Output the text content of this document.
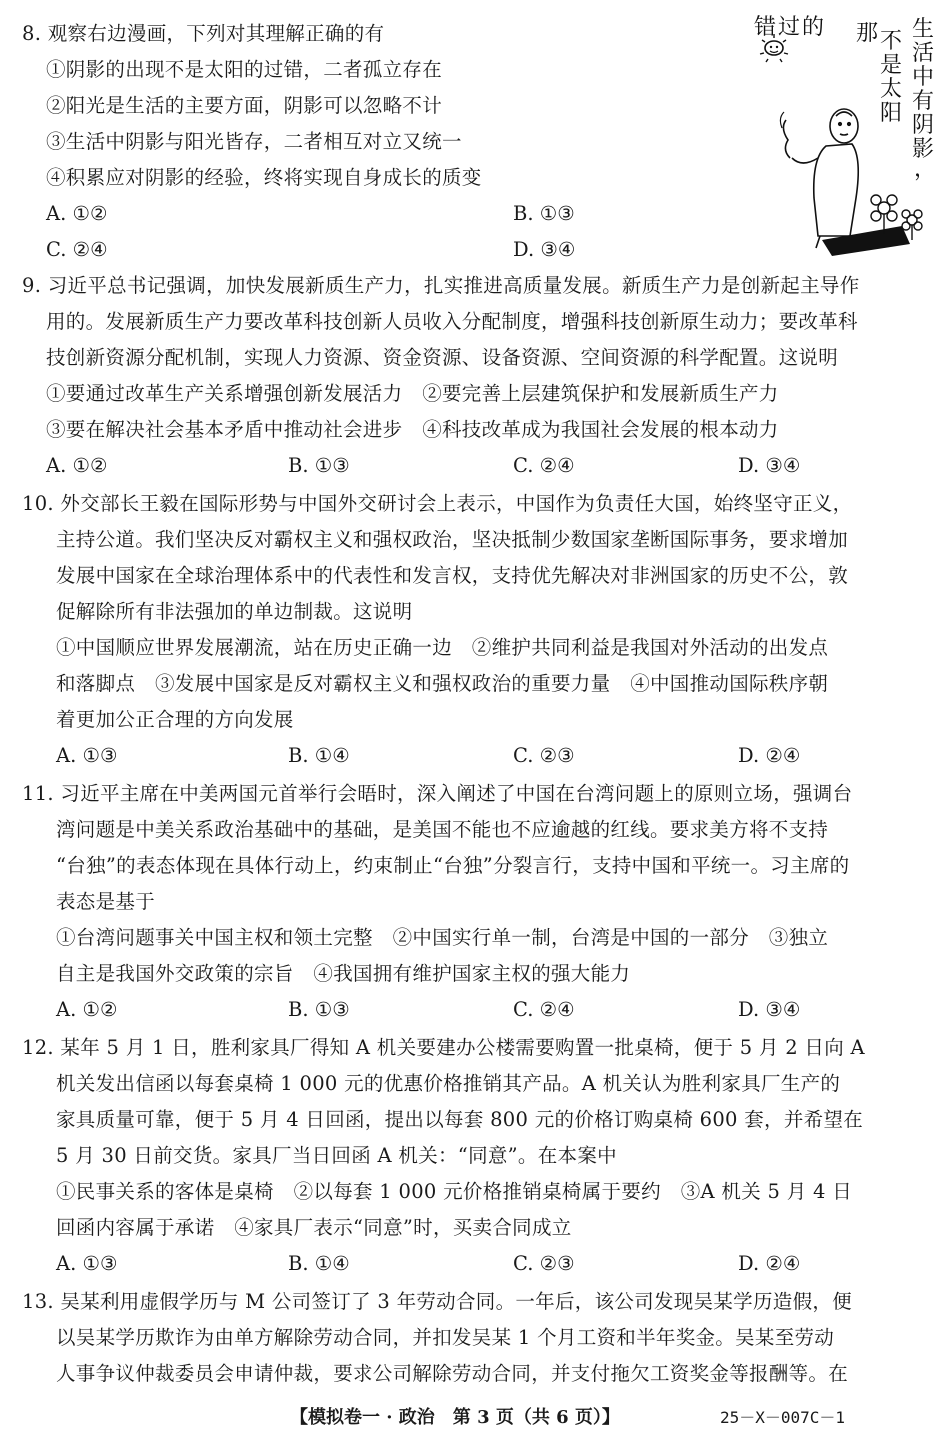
8. 观察右边漫画，下列对其理解正确的有
①阴影的出现不是太阳的过错，二者孤立存在
②阳光是生活的主要方面，阴影可以忽略不计
③生活中阴影与阳光皆存，二者相互对立又统一
④积累应对阴影的经验，终将实现自身成长的质变
A. ①②	B. ①③
C. ②④	D. ③④
错 过 的 那 不
是
太
阳
生
活
中
有
阴
影
，
9. 习近平总书记强调，加快发展新质生产力，扎实推进高质量发展。新质生产力是创新起主导作
用的。发展新质生产力要改革科技创新人员收入分配制度，增强科技创新原生动力；要改革科
技创新资源分配机制，实现人力资源、资金资源、设备资源、空间资源的科学配置。这说明
①要通过改革生产关系增强创新发展活力　②要完善上层建筑保护和发展新质生产力
③要在解决社会基本矛盾中推动社会进步　④科技改革成为我国社会发展的根本动力
A. ①②	B. ①③	C. ②④	D. ③④
10. 外交部长王毅在国际形势与中国外交研讨会上表示，中国作为负责任大国，始终坚守正义，
主持公道。我们坚决反对霸权主义和强权政治，坚决抵制少数国家垄断国际事务，要求增加
发展中国家在全球治理体系中的代表性和发言权，支持优先解决对非洲国家的历史不公，敦
促解除所有非法强加的单边制裁。这说明
①中国顺应世界发展潮流，站在历史正确一边　②维护共同利益是我国对外活动的出发点
和落脚点　③发展中国家是反对霸权主义和强权政治的重要力量　④中国推动国际秩序朝
着更加公正合理的方向发展
A. ①③	B. ①④	C. ②③	D. ②④
11. 习近平主席在中美两国元首举行会晤时，深入阐述了中国在台湾问题上的原则立场，强调台
湾问题是中美关系政治基础中的基础，是美国不能也不应逾越的红线。要求美方将不支持
“台独”的表态体现在具体行动上，约束制止“台独”分裂言行，支持中国和平统一。习主席的
表态是基于
①台湾问题事关中国主权和领土完整　②中国实行单一制，台湾是中国的一部分　③独立
自主是我国外交政策的宗旨　④我国拥有维护国家主权的强大能力
A. ①②	B. ①③	C. ②④	D. ③④
12. 某年 5 月 1 日，胜利家具厂得知 A 机关要建办公楼需要购置一批桌椅，便于 5 月 2 日向 A
机关发出信函以每套桌椅 1 000 元的优惠价格推销其产品。A 机关认为胜利家具厂生产的
家具质量可靠，便于 5 月 4 日回函，提出以每套 800 元的价格订购桌椅 600 套，并希望在
5 月 30 日前交货。家具厂当日回函 A 机关：“同意”。在本案中
①民事关系的客体是桌椅　②以每套 1 000 元价格推销桌椅属于要约　③A 机关 5 月 4 日
回函内容属于承诺　④家具厂表示“同意”时，买卖合同成立
A. ①③	B. ①④	C. ②③	D. ②④
13. 吴某利用虚假学历与 M 公司签订了 3 年劳动合同。一年后，该公司发现吴某学历造假，便
以吴某学历欺诈为由单方解除劳动合同，并扣发吴某 1 个月工资和半年奖金。吴某至劳动
人事争议仲裁委员会申请仲裁，要求公司解除劳动合同，并支付拖欠工资奖金等报酬等。在
【模拟卷一 · 政治　第 3 页（共 6 页）】	25－X－007C－1
